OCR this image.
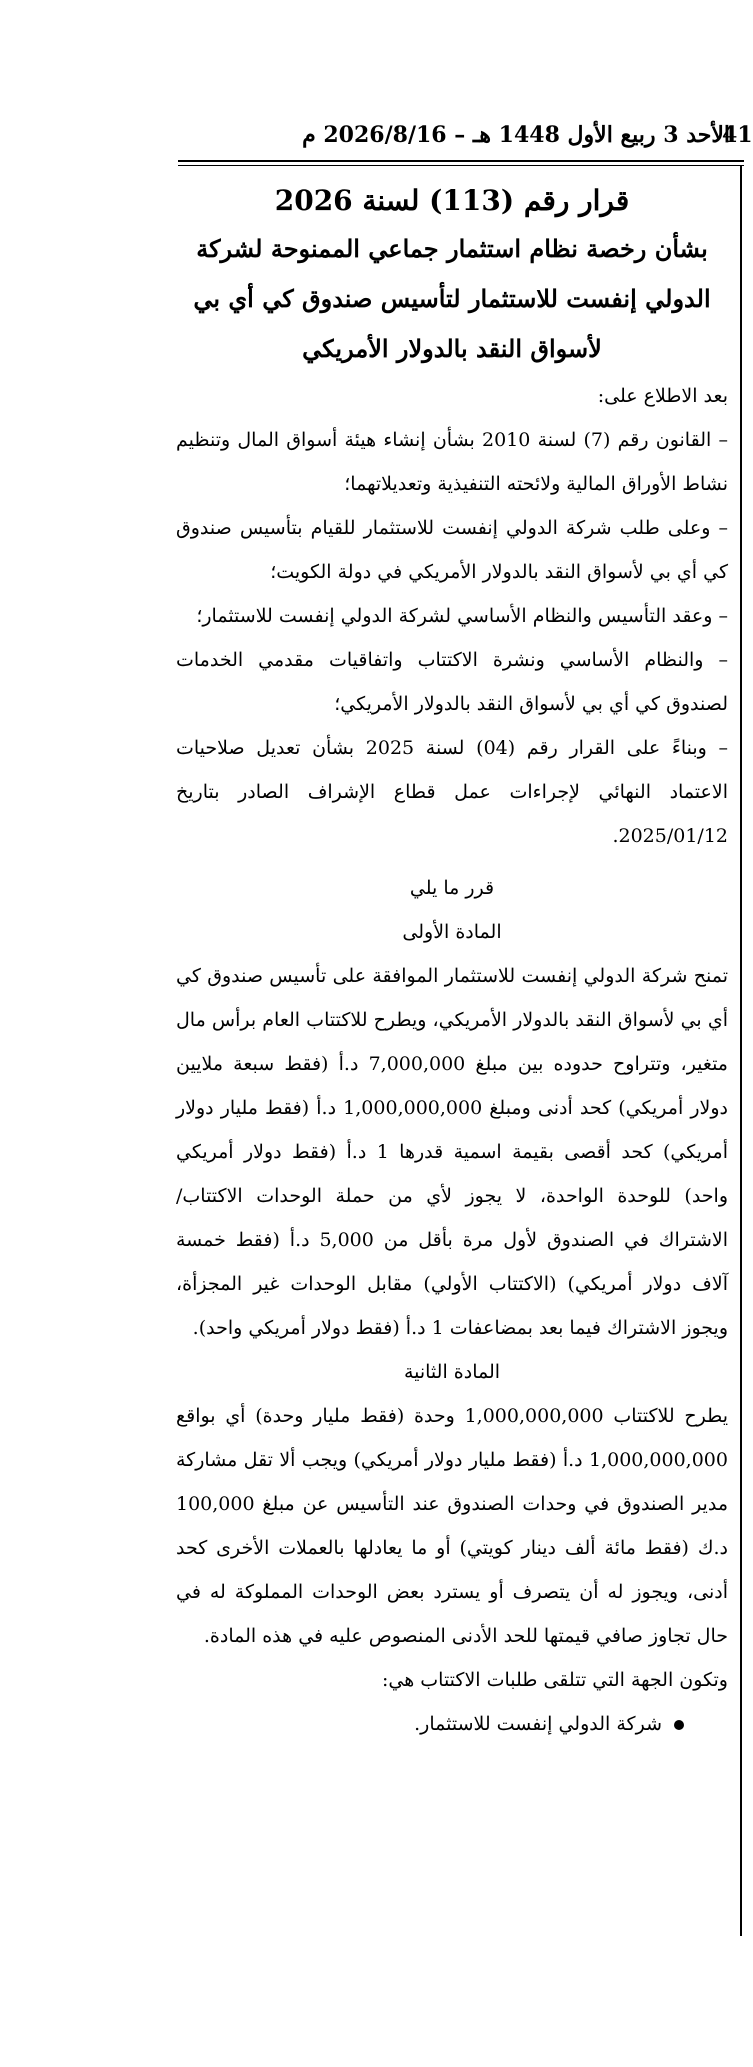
41
الأحد 3 ربيع الأول 1448 هـ – 2026/8/16 م
قرار رقم (113) لسنة 2026
بشأن رخصة نظام استثمار جماعي الممنوحة لشركة
الدولي إنفست للاستثمار لتأسيس صندوق كي أي بي
لأسواق النقد بالدولار الأمريكي

بعد الاطلاع على:

– القانون رقم (7) لسنة 2010 بشأن إنشاء هيئة أسواق المال وتنظيم نشاط الأوراق المالية ولائحته التنفيذية وتعديلاتهما؛

– وعلى طلب شركة الدولي إنفست للاستثمار للقيام بتأسيس صندوق كي أي بي لأسواق النقد بالدولار الأمريكي في دولة الكويت؛

– وعقد التأسيس والنظام الأساسي لشركة الدولي إنفست للاستثمار؛

– والنظام الأساسي ونشرة الاكتتاب واتفاقيات مقدمي الخدمات لصندوق كي أي بي لأسواق النقد بالدولار الأمريكي؛

– وبناءً على القرار رقم (04) لسنة 2025 بشأن تعديل صلاحيات الاعتماد النهائي لإجراءات عمل قطاع الإشراف الصادر بتاريخ 2025/01/12.

قرر ما يلي

المادة الأولى

تمنح شركة الدولي إنفست للاستثمار الموافقة على تأسيس صندوق كي أي بي لأسواق النقد بالدولار الأمريكي، ويطرح للاكتتاب العام برأس مال متغير، وتتراوح حدوده بين مبلغ 7,000,000 د.أ (فقط سبعة ملايين دولار أمريكي) كحد أدنى ومبلغ 1,000,000,000 د.أ (فقط مليار دولار أمريكي) كحد أقصى بقيمة اسمية قدرها 1 د.أ (فقط دولار أمريكي واحد) للوحدة الواحدة، لا يجوز لأي من حملة الوحدات الاكتتاب/الاشتراك في الصندوق لأول مرة بأقل من 5,000 د.أ (فقط خمسة آلاف دولار أمريكي) (الاكتتاب الأولي) مقابل الوحدات غير المجزأة، ويجوز الاشتراك فيما بعد بمضاعفات 1 د.أ (فقط دولار أمريكي واحد).

المادة الثانية

يطرح للاكتتاب 1,000,000,000 وحدة (فقط مليار وحدة) أي بواقع 1,000,000,000 د.أ (فقط مليار دولار أمريكي) ويجب ألا تقل مشاركة مدير الصندوق في وحدات الصندوق عند التأسيس عن مبلغ 100,000 د.ك (فقط مائة ألف دينار كويتي) أو ما يعادلها بالعملات الأخرى كحد أدنى، ويجوز له أن يتصرف أو يسترد بعض الوحدات المملوكة له في حال تجاوز صافي قيمتها للحد الأدنى المنصوص عليه في هذه المادة.

وتكون الجهة التي تتلقى طلبات الاكتتاب هي:

شركة الدولي إنفست للاستثمار.
